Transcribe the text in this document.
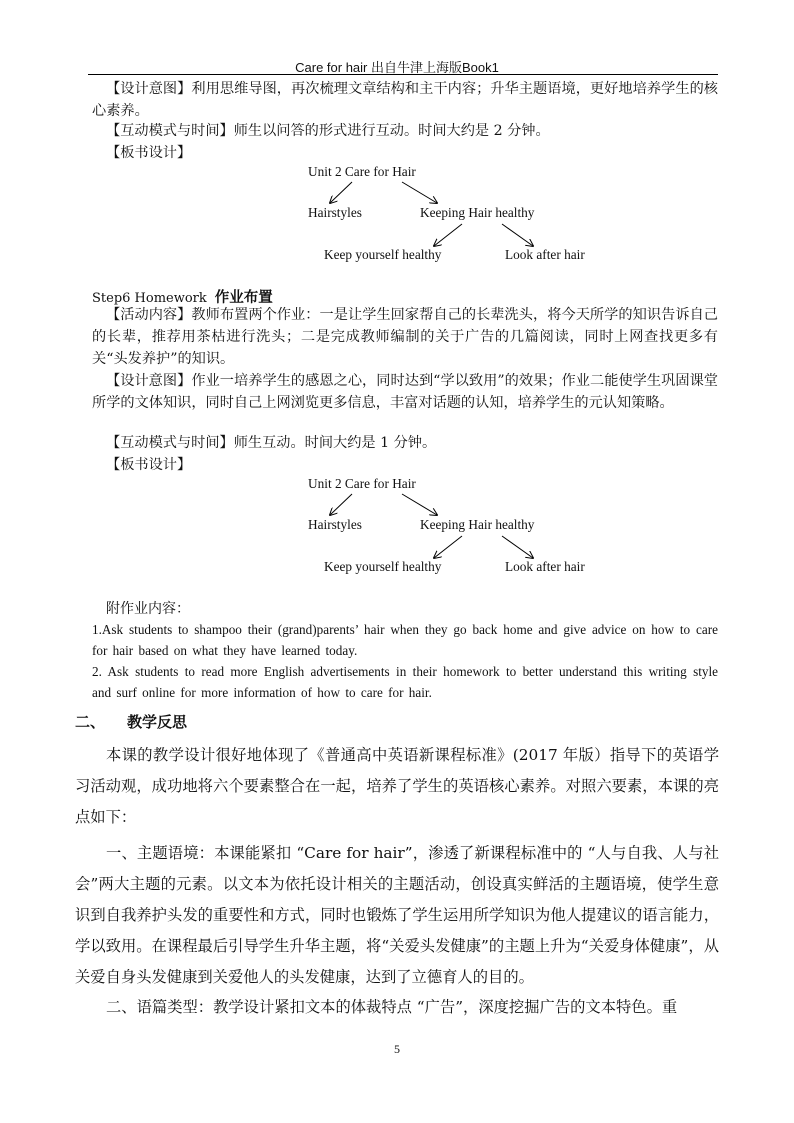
Care for hair 出自牛津上海版Book1

【设计意图】利用思维导图，再次梳理文章结构和主干内容；升华主题语境，更好地培养学生的核心素养。

【互动模式与时间】师生以问答的形式进行互动。时间大约是 2 分钟。
【板书设计】
Unit 2 Care for Hair
Hairstyles	Keeping Hair healthy
Keep yourself healthy	Look after hair
Step6 Homework 作业布置

【活动内容】教师布置两个作业：一是让学生回家帮自己的长辈洗头，将今天所学的知识告诉自己的长辈，推荐用茶枯进行洗头；二是完成教师编制的关于广告的几篇阅读，同时上网查找更多有关“头发养护”的知识。

【设计意图】作业一培养学生的感恩之心，同时达到“学以致用”的效果；作业二能使学生巩固课堂所学的文体知识，同时自己上网浏览更多信息，丰富对话题的认知，培养学生的元认知策略。

【互动模式与时间】师生互动。时间大约是 1 分钟。
【板书设计】
Unit 2 Care for Hair
Hairstyles	Keeping Hair healthy
Keep yourself healthy	Look after hair
附作业内容：

1.Ask students to shampoo their (grand)parents’ hair when they go back home and give advice on how to care for hair based on what they have learned today.

2. Ask students to read more English advertisements in their homework to better understand this writing style and surf online for more information of how to care for hair.

二、 教学反思

本课的教学设计很好地体现了《普通高中英语新课程标准》(2017 年版）指导下的英语学习活动观，成功地将六个要素整合在一起，培养了学生的英语核心素养。对照六要素，本课的亮点如下：

一、主题语境：本课能紧扣 “Care for hair”，渗透了新课程标准中的 “人与自我、人与社会”两大主题的元素。以文本为依托设计相关的主题活动，创设真实鲜活的主题语境，使学生意识到自我养护头发的重要性和方式，同时也锻炼了学生运用所学知识为他人提建议的语言能力，学以致用。在课程最后引导学生升华主题，将“关爱头发健康”的主题上升为“关爱身体健康”，从关爱自身头发健康到关爱他人的头发健康，达到了立德育人的目的。

二、语篇类型：教学设计紧扣文本的体裁特点 “广告”，深度挖掘广告的文本特色。重

5
